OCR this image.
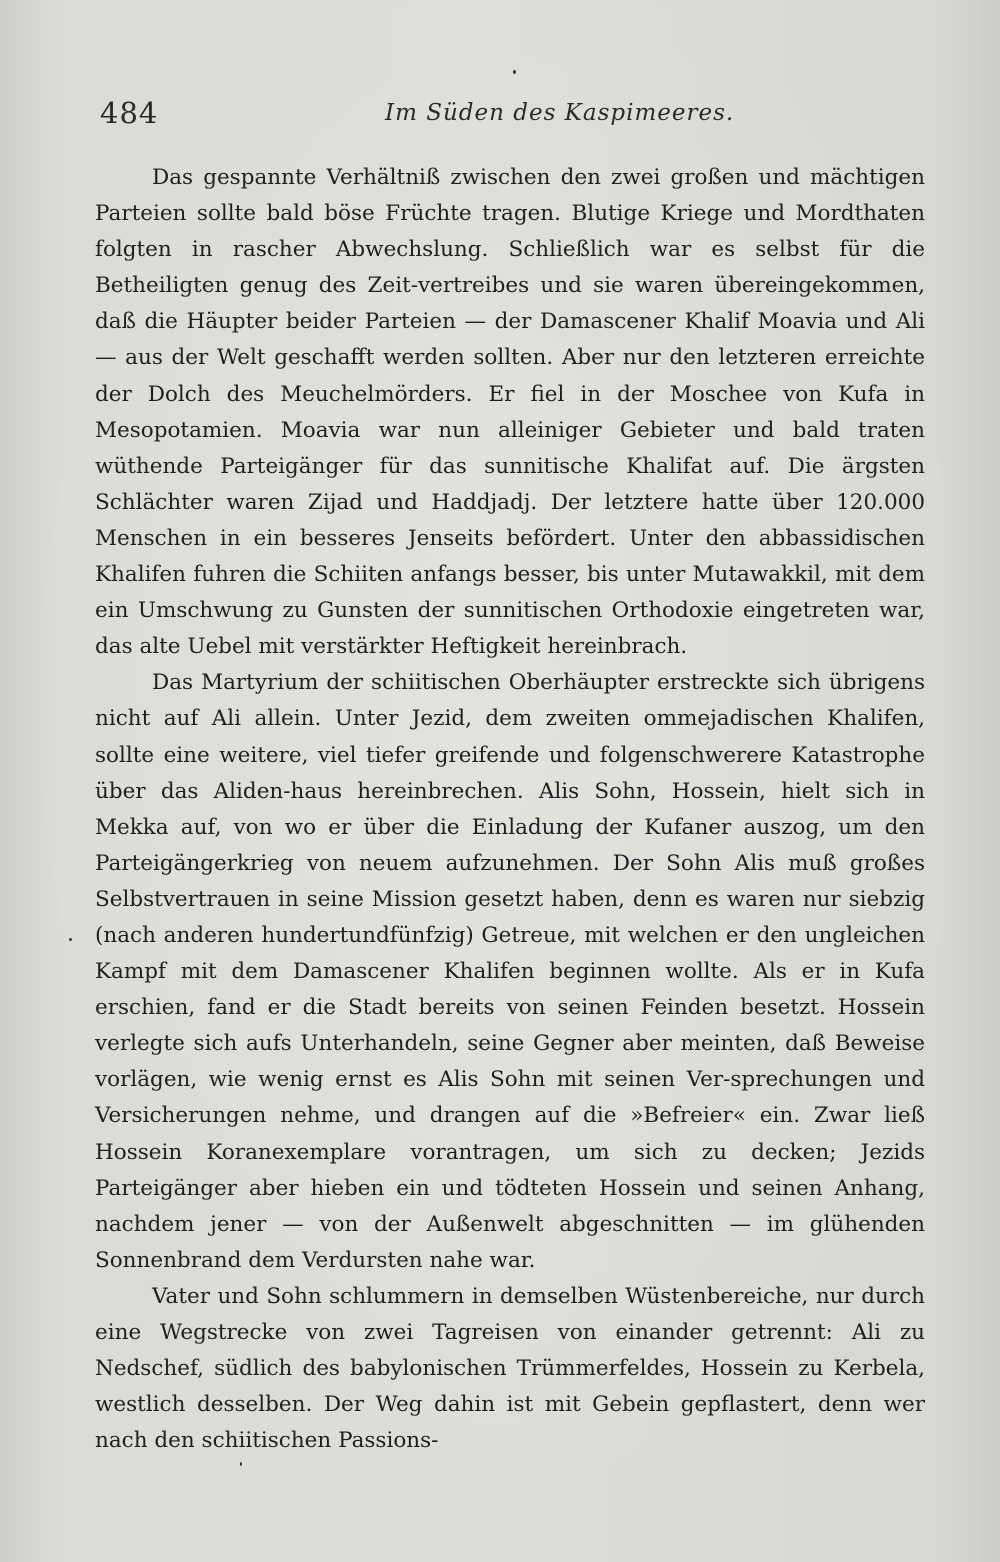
484	Im Süden des Kaspimeeres.

Das gespannte Verhältniß zwischen den zwei großen und mächtigen Parteien sollte bald böse Früchte tragen. Blutige Kriege und Mordthaten folgten in rascher Abwechslung. Schließlich war es selbst für die Betheiligten genug des Zeit-vertreibes und sie waren übereingekommen, daß die Häupter beider Parteien — der Damascener Khalif Moavia und Ali — aus der Welt geschafft werden sollten. Aber nur den letzteren erreichte der Dolch des Meuchelmörders. Er fiel in der Moschee von Kufa in Mesopotamien. Moavia war nun alleiniger Gebieter und bald traten wüthende Parteigänger für das sunnitische Khalifat auf. Die ärgsten Schlächter waren Zijad und Haddjadj. Der letztere hatte über 120.000 Menschen in ein besseres Jenseits befördert. Unter den abbassidischen Khalifen fuhren die Schiiten anfangs besser, bis unter Mutawakkil, mit dem ein Umschwung zu Gunsten der sunnitischen Orthodoxie eingetreten war, das alte Uebel mit verstärkter Heftigkeit hereinbrach.

Das Martyrium der schiitischen Oberhäupter erstreckte sich übrigens nicht auf Ali allein. Unter Jezid, dem zweiten ommejadischen Khalifen, sollte eine weitere, viel tiefer greifende und folgenschwerere Katastrophe über das Aliden-haus hereinbrechen. Alis Sohn, Hossein, hielt sich in Mekka auf, von wo er über die Einladung der Kufaner auszog, um den Parteigängerkrieg von neuem aufzunehmen. Der Sohn Alis muß großes Selbstvertrauen in seine Mission gesetzt haben, denn es waren nur siebzig (nach anderen hundertundfünfzig) Getreue, mit welchen er den ungleichen Kampf mit dem Damascener Khalifen beginnen wollte. Als er in Kufa erschien, fand er die Stadt bereits von seinen Feinden besetzt. Hossein verlegte sich aufs Unterhandeln, seine Gegner aber meinten, daß Beweise vorlägen, wie wenig ernst es Alis Sohn mit seinen Ver-sprechungen und Versicherungen nehme, und drangen auf die »Befreier« ein. Zwar ließ Hossein Koranexemplare vorantragen, um sich zu decken; Jezids Parteigänger aber hieben ein und tödteten Hossein und seinen Anhang, nachdem jener — von der Außenwelt abgeschnitten — im glühenden Sonnenbrand dem Verdursten nahe war.

Vater und Sohn schlummern in demselben Wüstenbereiche, nur durch eine Wegstrecke von zwei Tagreisen von einander getrennt: Ali zu Nedschef, südlich des babylonischen Trümmerfeldes, Hossein zu Kerbela, westlich desselben. Der Weg dahin ist mit Gebein gepflastert, denn wer nach den schiitischen Passions-
